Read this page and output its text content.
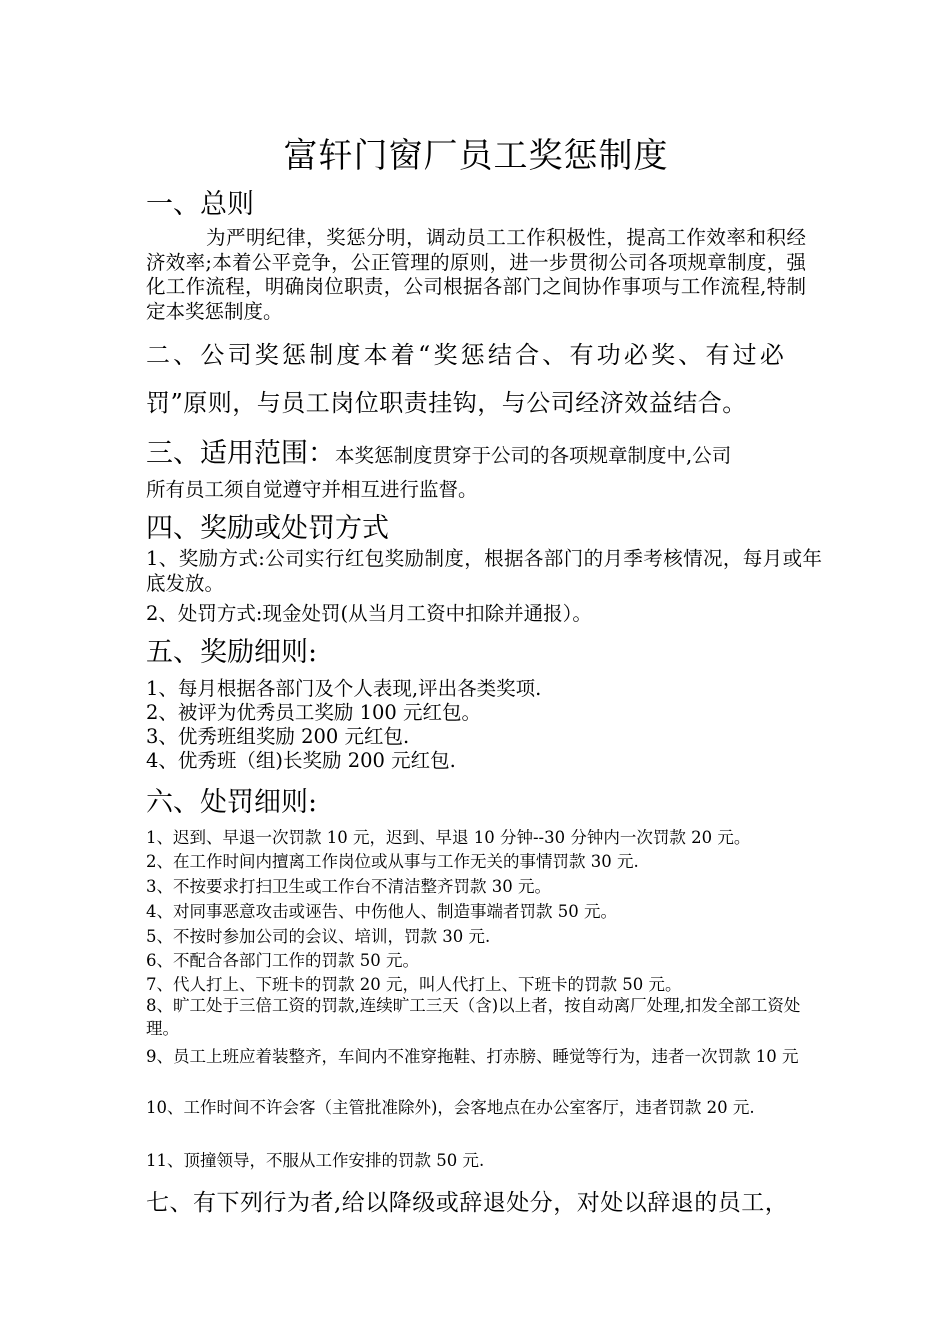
富轩门窗厂员工奖惩制度
一、总则
为严明纪律，奖惩分明，调动员工工作积极性，提高工作效率和积经济效率;本着公平竞争，公正管理的原则，进一步贯彻公司各项规章制度，强化工作流程，明确岗位职责，公司根据各部门之间协作事项与工作流程,特制定本奖惩制度。
二、公司奖惩制度本着“奖惩结合、有功必奖、有过必
罚”原则，与员工岗位职责挂钩，与公司经济效益结合。
三、适用范围：本奖惩制度贯穿于公司的各项规章制度中,公司
所有员工须自觉遵守并相互进行监督。
四、奖励或处罚方式
1、奖励方式:公司实行红包奖励制度，根据各部门的月季考核情况，每月或年底发放。
2、处罚方式:现金处罚(从当月工资中扣除并通报）。
五、奖励细则:
1、每月根据各部门及个人表现,评出各类奖项.
2、被评为优秀员工奖励 100 元红包。
3、优秀班组奖励 200 元红包.
4、优秀班（组)长奖励 200 元红包.
六、处罚细则:
1、迟到、早退一次罚款 10 元，迟到、早退 10 分钟--30 分钟内一次罚款 20 元。
2、在工作时间内擅离工作岗位或从事与工作无关的事情罚款 30 元.
3、不按要求打扫卫生或工作台不清洁整齐罚款 30 元。
4、对同事恶意攻击或诬告、中伤他人、制造事端者罚款 50 元。
5、不按时参加公司的会议、培训，罚款 30 元.
6、不配合各部门工作的罚款 50 元。
7、代人打上、下班卡的罚款 20 元，叫人代打上、下班卡的罚款 50 元。
8、旷工处于三倍工资的罚款,连续旷工三天（含)以上者，按自动离厂处理,扣发全部工资处理。
9、员工上班应着装整齐，车间内不准穿拖鞋、打赤膀、睡觉等行为，违者一次罚款 10 元
10、工作时间不许会客（主管批准除外)，会客地点在办公室客厅，违者罚款 20 元.
11、顶撞领导，不服从工作安排的罚款 50 元.
七、有下列行为者,给以降级或辞退处分，对处以辞退的员工，
